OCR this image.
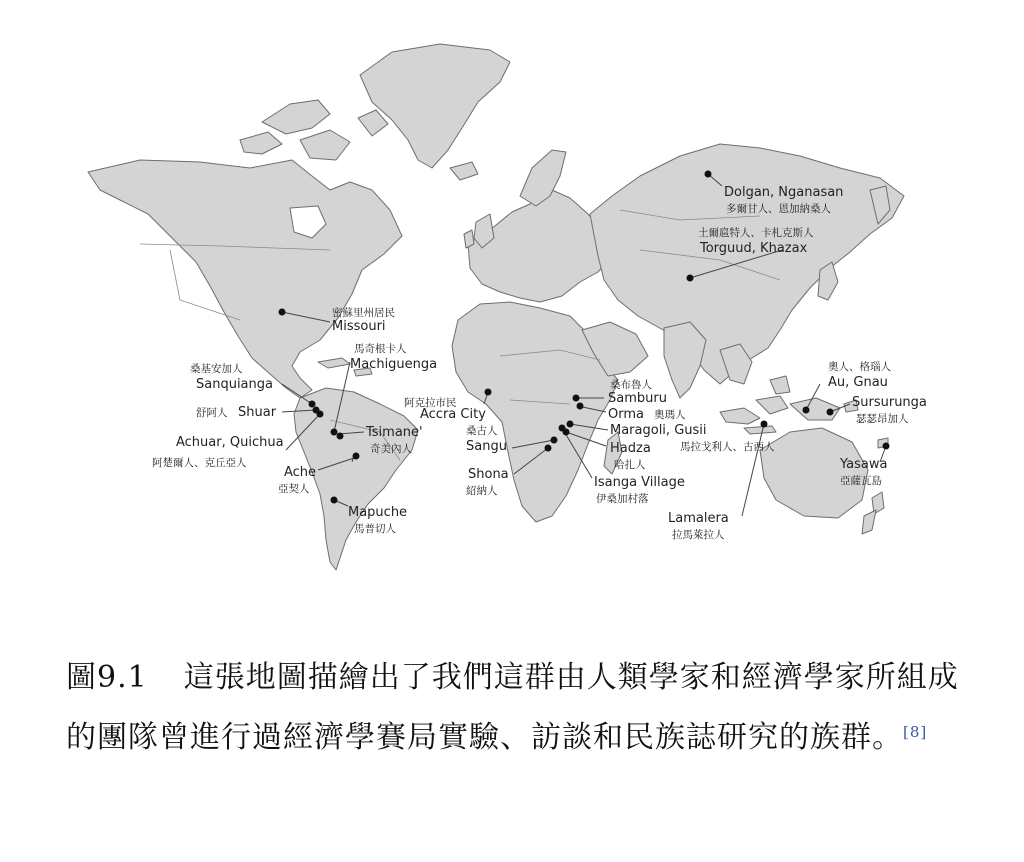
Dolgan, Nganasan
多爾甘人、恩加納桑人
土爾扈特人、卡札克斯人
Torguud, Khazax
密蘇里州居民
Missouri
馬奇根卡人
Machiguenga
桑基安加人
Sanquianga
舒阿人 Shuar
Achuar, Quichua
阿楚爾人、克丘亞人
Tsimane'
奇美內人
Ache
亞契人
Mapuche
馬普切人
阿克拉市民
Accra City
桑布魯人
Samburu
Orma 奧瑪人
Maragoli, Gusii
馬拉戈利人、古西人
Hadza
哈扎人
桑古人
Sangu
Shona
紹納人
Isanga Village
伊桑加村落
奧人、格瑙人
Au, Gnau
Sursurunga
瑟瑟昂加人
Yasawa
亞薩瓦島
Lamalera
拉馬萊拉人
圖9.1 這張地圖描繪出了我們這群由人類學家和經濟學家所組成的團隊曾進行過經濟學賽局實驗、訪談和民族誌研究的族群。[8]
